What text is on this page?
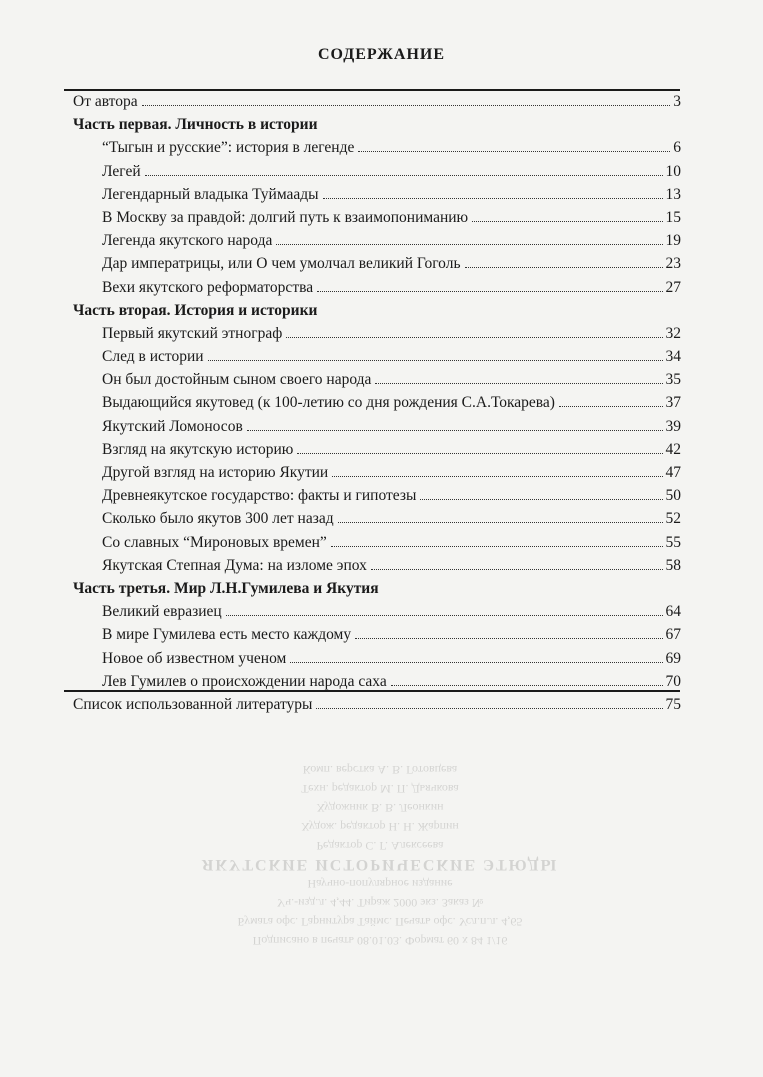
СОДЕРЖАНИЕ
От автора	3
Часть первая. Личность в истории
“Тыгын и русские”: история в легенде	6
Легей	10
Легендарный владыка Туймаады	13
В Москву за правдой: долгий путь к взаимопониманию	15
Легенда якутского народа	19
Дар императрицы, или О чем умолчал великий Гоголь	23
Вехи якутского реформаторства	27
Часть вторая. История и историки
Первый якутский этнограф	32
След в истории	34
Он был достойным сыном своего народа	35
Выдающийся якутовед (к 100-летию со дня рождения С.А.Токарева)	37
Якутский Ломоносов	39
Взгляд на якутскую историю	42
Другой взгляд на историю Якутии	47
Древнеякутское государство: факты и гипотезы	50
Сколько было якутов 300 лет назад	52
Со славных “Мироновых времен”	55
Якутская Степная Дума: на изломе эпох	58
Часть третья. Мир Л.Н.Гумилева и Якутия
Великий евразиец	64
В мире Гумилева есть место каждому	67
Новое об известном ученом	69
Лев Гумилев о происхождении народа саха	70
Список использованной литературы	75
Подписано в печать 08.01.03. Формат 60 х 84 1/16
Бумага офс. Гарнитура Таймс. Печать офс. Усл.п.л. 4,65
Уч.-изд.л. 4,44. Тираж 2000 экз. Заказ №
Научно-популярное издание
ЯКУТСКИЕ ИСТОРИЧЕСКИЕ ЭТЮДЫ
Редактор С. Г. Алексеева
Худож. редактор Н. Н. Жарпин
Художник В. В. Леонкин
Техн. редактор М. П. Дьячкова
Комп. верстка А. В. Готовцева
